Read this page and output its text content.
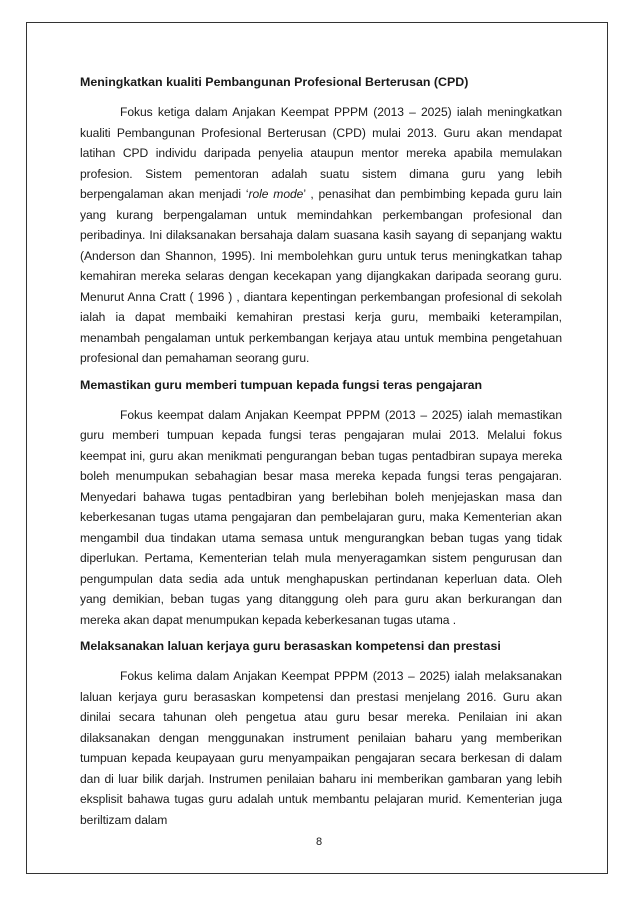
Meningkatkan kualiti Pembangunan Profesional Berterusan (CPD)

Fokus ketiga dalam Anjakan Keempat PPPM (2013 – 2025) ialah meningkatkan kualiti Pembangunan Profesional Berterusan (CPD) mulai 2013. Guru akan mendapat latihan CPD individu daripada penyelia ataupun mentor mereka apabila memulakan profesion. Sistem pementoran adalah suatu sistem dimana guru yang lebih berpengalaman akan menjadi ‘role mode’ , penasihat dan pembimbing kepada guru lain yang kurang berpengalaman untuk memindahkan perkembangan profesional dan peribadinya. Ini dilaksanakan bersahaja dalam suasana kasih sayang di sepanjang waktu (Anderson dan Shannon, 1995). Ini membolehkan guru untuk terus meningkatkan tahap kemahiran mereka selaras dengan kecekapan yang dijangkakan daripada seorang guru. Menurut Anna Cratt ( 1996 ) , diantara kepentingan perkembangan profesional di sekolah ialah ia dapat membaiki kemahiran prestasi kerja guru, membaiki keterampilan, menambah pengalaman untuk perkembangan kerjaya atau untuk membina pengetahuan profesional dan pemahaman seorang guru.

Memastikan guru memberi tumpuan kepada fungsi teras pengajaran

Fokus keempat dalam Anjakan Keempat PPPM (2013 – 2025) ialah memastikan guru memberi tumpuan kepada fungsi teras pengajaran mulai 2013. Melalui fokus keempat ini, guru akan menikmati pengurangan beban tugas pentadbiran supaya mereka boleh menumpukan sebahagian besar masa mereka kepada fungsi teras pengajaran. Menyedari bahawa tugas pentadbiran yang berlebihan boleh menjejaskan masa dan keberkesanan tugas utama pengajaran dan pembelajaran guru, maka Kementerian akan mengambil dua tindakan utama semasa untuk mengurangkan beban tugas yang tidak diperlukan. Pertama, Kementerian telah mula menyeragamkan sistem pengurusan dan pengumpulan data sedia ada untuk menghapuskan pertindanan keperluan data. Oleh yang demikian, beban tugas yang ditanggung oleh para guru akan berkurangan dan mereka akan dapat menumpukan kepada keberkesanan tugas utama .

Melaksanakan laluan kerjaya guru berasaskan kompetensi dan prestasi

Fokus kelima dalam Anjakan Keempat PPPM (2013 – 2025) ialah melaksanakan laluan kerjaya guru berasaskan kompetensi dan prestasi menjelang 2016. Guru akan dinilai secara tahunan oleh pengetua atau guru besar mereka. Penilaian ini akan dilaksanakan dengan menggunakan instrument penilaian baharu yang memberikan tumpuan kepada keupayaan guru menyampaikan pengajaran secara berkesan di dalam dan di luar bilik darjah. Instrumen penilaian baharu ini memberikan gambaran yang lebih eksplisit bahawa tugas guru adalah untuk membantu pelajaran murid. Kementerian juga beriltizam dalam

8
